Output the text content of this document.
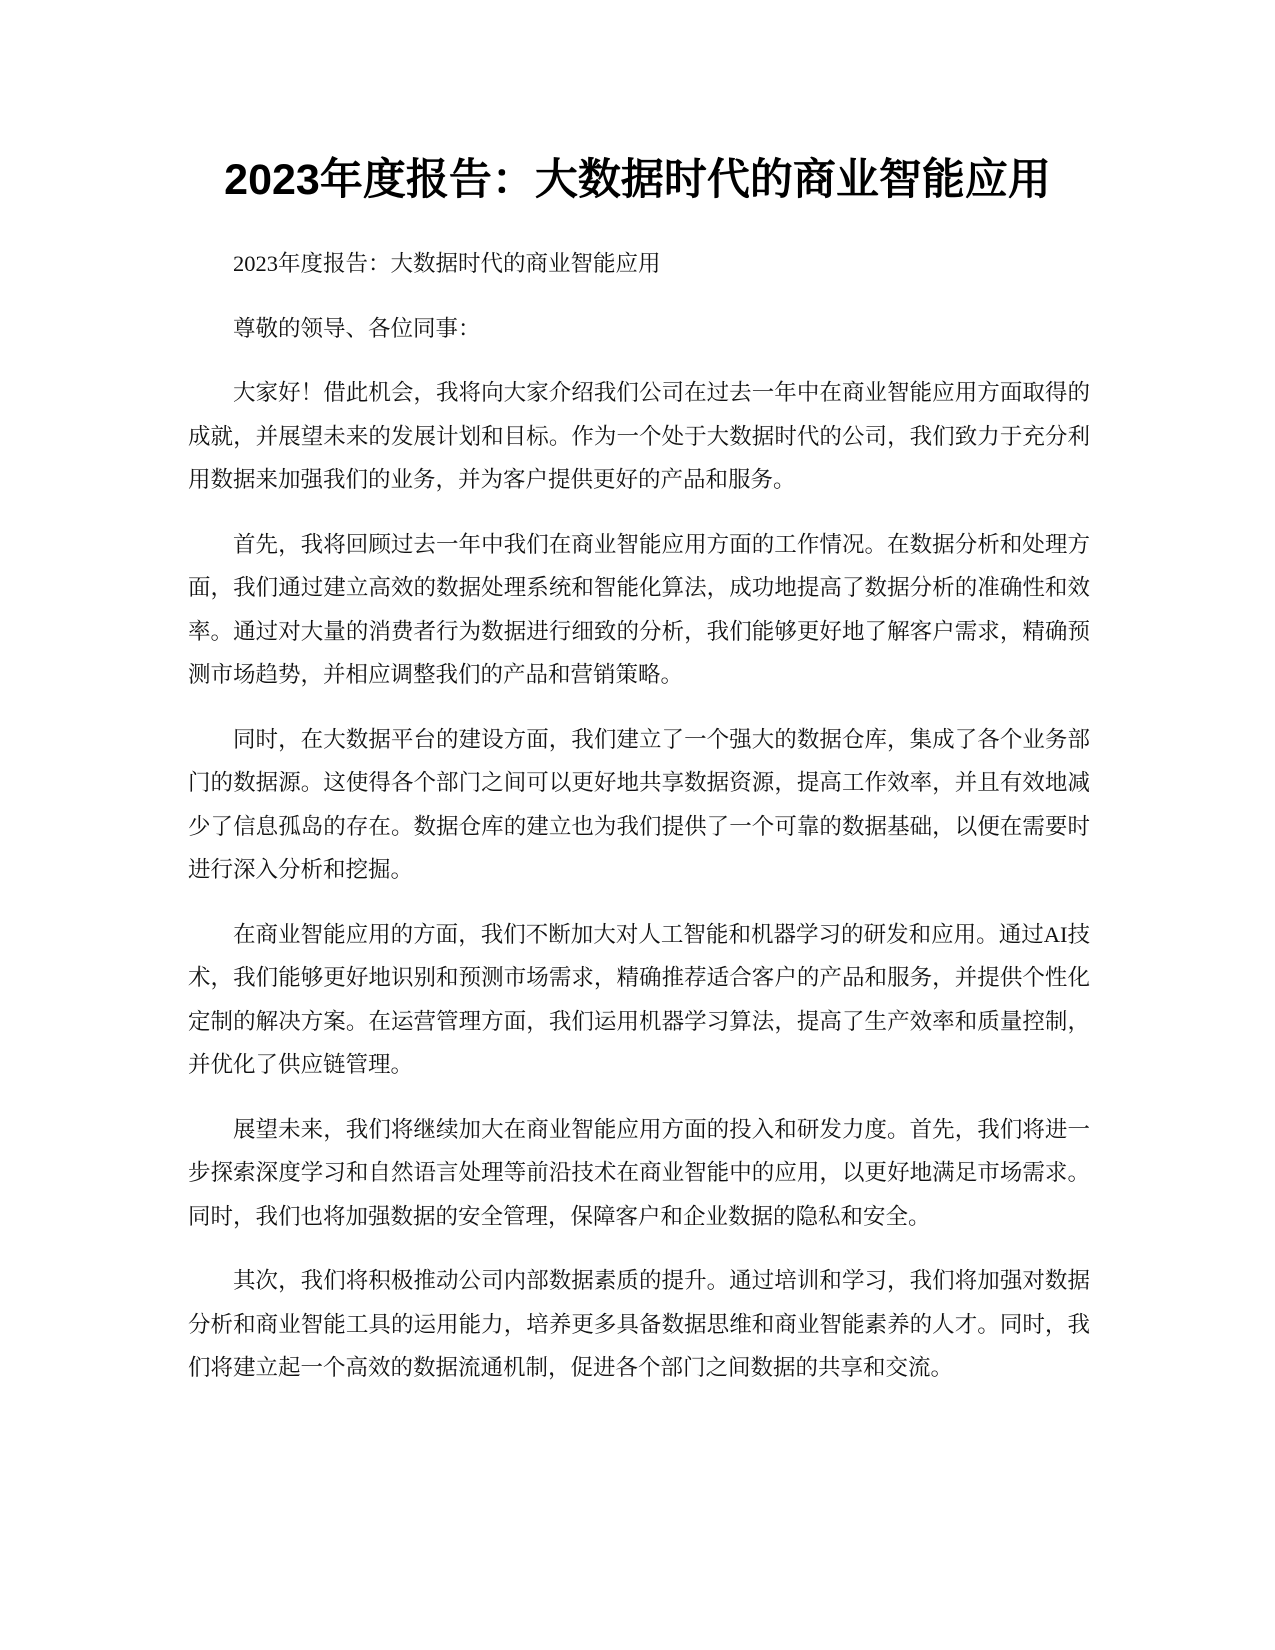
2023年度报告：大数据时代的商业智能应用

2023年度报告：大数据时代的商业智能应用

尊敬的领导、各位同事：

大家好！借此机会，我将向大家介绍我们公司在过去一年中在商业智能应用方面取得的成就，并展望未来的发展计划和目标。作为一个处于大数据时代的公司，我们致力于充分利用数据来加强我们的业务，并为客户提供更好的产品和服务。

首先，我将回顾过去一年中我们在商业智能应用方面的工作情况。在数据分析和处理方面，我们通过建立高效的数据处理系统和智能化算法，成功地提高了数据分析的准确性和效率。通过对大量的消费者行为数据进行细致的分析，我们能够更好地了解客户需求，精确预测市场趋势，并相应调整我们的产品和营销策略。

同时，在大数据平台的建设方面，我们建立了一个强大的数据仓库，集成了各个业务部门的数据源。这使得各个部门之间可以更好地共享数据资源，提高工作效率，并且有效地减少了信息孤岛的存在。数据仓库的建立也为我们提供了一个可靠的数据基础，以便在需要时进行深入分析和挖掘。

在商业智能应用的方面，我们不断加大对人工智能和机器学习的研发和应用。通过AI技术，我们能够更好地识别和预测市场需求，精确推荐适合客户的产品和服务，并提供个性化定制的解决方案。在运营管理方面，我们运用机器学习算法，提高了生产效率和质量控制，并优化了供应链管理。

展望未来，我们将继续加大在商业智能应用方面的投入和研发力度。首先，我们将进一步探索深度学习和自然语言处理等前沿技术在商业智能中的应用，以更好地满足市场需求。同时，我们也将加强数据的安全管理，保障客户和企业数据的隐私和安全。

其次，我们将积极推动公司内部数据素质的提升。通过培训和学习，我们将加强对数据分析和商业智能工具的运用能力，培养更多具备数据思维和商业智能素养的人才。同时，我们将建立起一个高效的数据流通机制，促进各个部门之间数据的共享和交流。
